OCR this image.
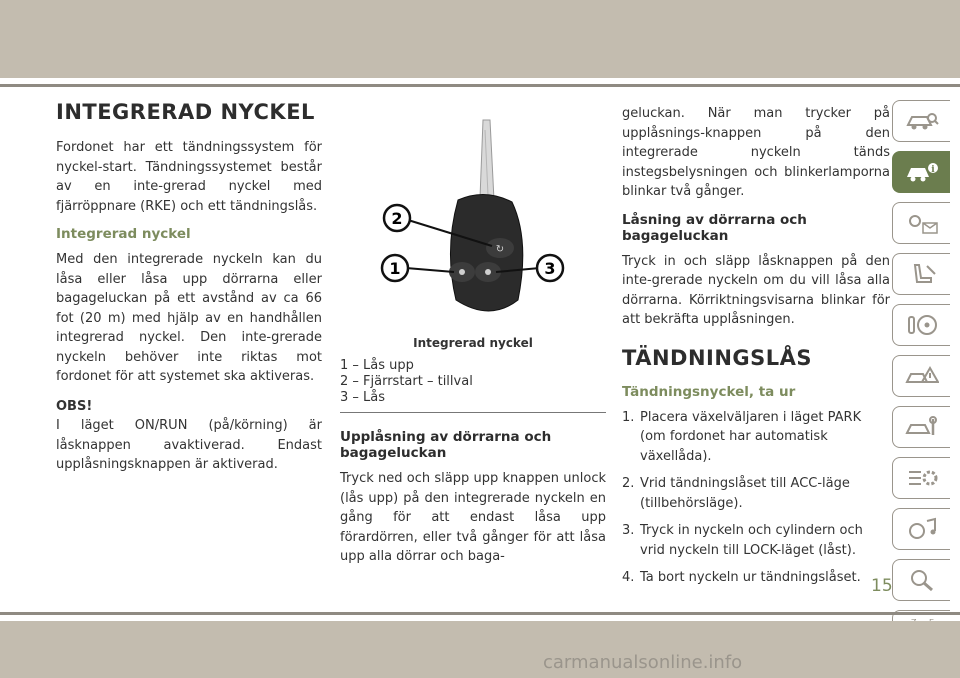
INTEGRERAD NYCKEL

Fordonet har ett tändningssystem för nyckel-start. Tändningssystemet består av en inte-grerad nyckel med fjärröppnare (RKE) och ett tändningslås.

Integrerad nyckel

Med den integrerade nyckeln kan du låsa eller låsa upp dörrarna eller bagageluckan på ett avstånd av ca 66 fot (20 m) med hjälp av en handhållen integrerad nyckel. Den inte-grerade nyckeln behöver inte riktas mot fordonet för att systemet ska aktiveras.

OBS!

I läget ON/RUN (på/körning) är låsknappen avaktiverad. Endast upplåsningsknappen är aktiverad.

↻
2
1	3
Integrerad nyckel
1 – Lås upp
2 – Fjärrstart – tillval
3 – Lås
Upplåsning av dörrarna och bagageluckan

Tryck ned och släpp upp knappen unlock (lås upp) på den integrerade nyckeln en gång för att endast låsa upp förardörren, eller två gånger för att låsa upp alla dörrar och baga-

geluckan. När man trycker på upplåsnings-knappen på den integrerade nyckeln tänds instegsbelysningen och blinkerlamporna blinkar två gånger.

Låsning av dörrarna och bagageluckan

Tryck in och släpp låsknappen på den inte-grerade nyckeln om du vill låsa alla dörrarna. Körriktningsvisarna blinkar för att bekräfta upplåsningen.

TÄNDNINGSLÅS
Tändningsnyckel, ta ur
1. Placera växelväljaren i läget PARK (om fordonet har automatisk växellåda).
2. Vrid tändningslåset till ACC-läge (tillbehörsläge).
3. Tryck in nyckeln och cylindern och vrid nyckeln till LOCK-läget (låst).
4. Ta bort nyckeln ur tändningslåset.
i
15
carmanualsonline.info
